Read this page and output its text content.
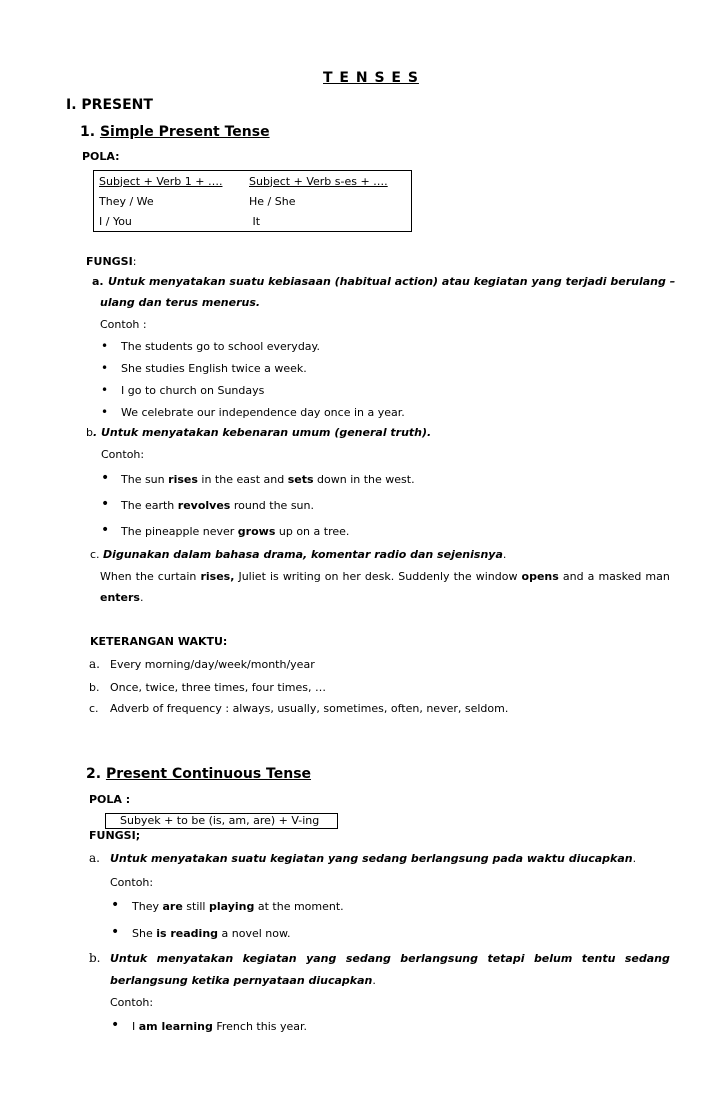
T E N S E S
I. PRESENT
1. Simple Present Tense
POLA:
Subject + Verb 1 + ….	Subject + Verb s-es + ….
They / We	He / She
I / You	It
FUNGSI:
a. Untuk menyatakan suatu kebiasaan (habitual action) atau kegiatan yang terjadi berulang –
ulang dan terus menerus.
Contoh :
• The students go to school everyday.
• She studies English twice a week.
• I go to church on Sundays
• We celebrate our independence day once in a year.
b. Untuk menyatakan kebenaran umum (general truth).
Contoh:
• The sun rises in the east and sets down in the west.
• The earth revolves round the sun.
• The pineapple never grows up on a tree.
c. Digunakan dalam bahasa drama, komentar radio dan sejenisnya.
When the curtain rises, Juliet is writing on her desk. Suddenly the window opens and a masked man
enters.
KETERANGAN WAKTU:
a. Every morning/day/week/month/year
b. Once, twice, three times, four times, …
c. Adverb of frequency : always, usually, sometimes, often, never, seldom.
2. Present Continuous Tense
POLA :
Subyek + to be (is, am, are) + V-ing
FUNGSI;
a. Untuk menyatakan suatu kegiatan yang sedang berlangsung pada waktu diucapkan.
Contoh:
• They are still playing at the moment.
• She is reading a novel now.
b. Untuk menyatakan kegiatan yang sedang berlangsung tetapi belum tentu sedang
berlangsung ketika pernyataan diucapkan.
Contoh:
• I am learning French this year.
